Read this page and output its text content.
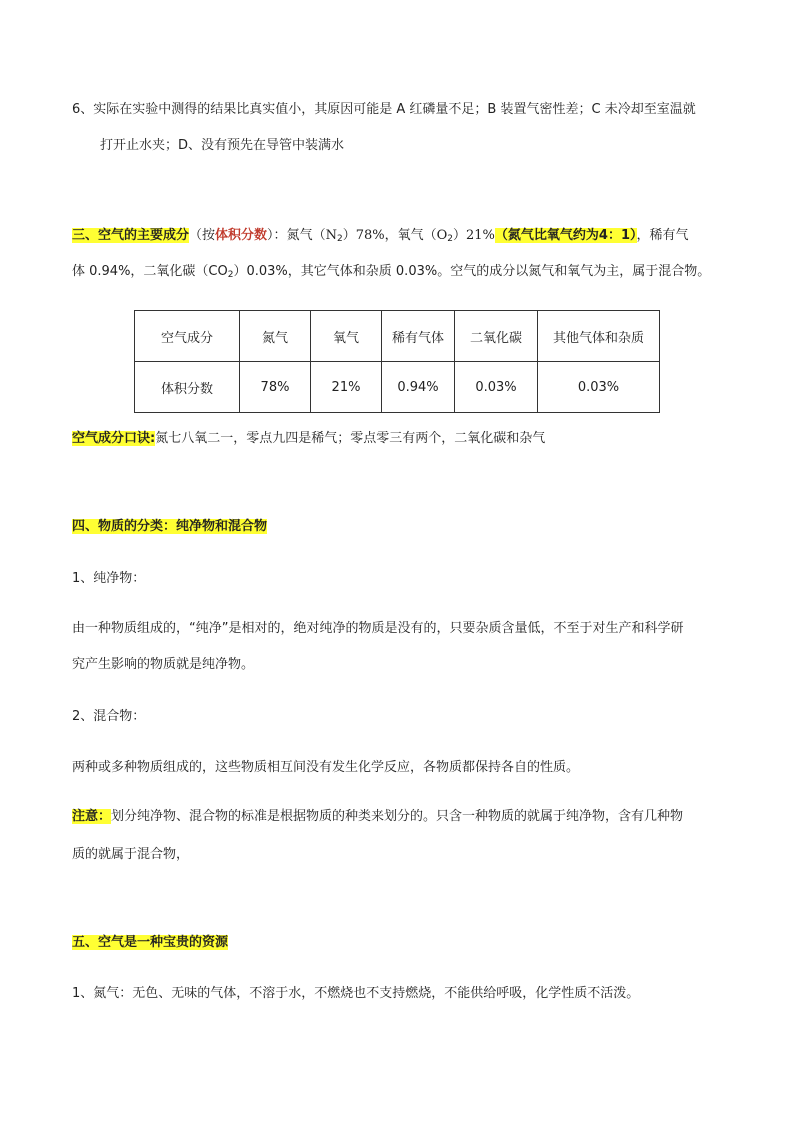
6、实际在实验中测得的结果比真实值小，其原因可能是 A 红磷量不足；B 装置气密性差；C 未冷却至室温就
打开止水夹；D、没有预先在导管中装满水
三、空气的主要成分（按体积分数）：氮气$(N_2)78\%$，氧气$(O_2)21\%$（氮气比氧气约为4：1），稀有气
体 0.94%，二氧化碳$(CO_2)0.03\%$，其它气体和杂质 0.03%。空气的成分以氮气和氧气为主，属于混合物。
空气成分	氮气	氧气	稀有气体	二氧化碳	其他气体和杂质
体积分数	78%	21%	0.94%	0.03%	0.03%
空气成分口诀:氮七八氧二一，零点九四是稀气；零点零三有两个，二氧化碳和杂气
四、物质的分类：纯净物和混合物
1、纯净物：
由一种物质组成的，“纯净”是相对的，绝对纯净的物质是没有的，只要杂质含量低，不至于对生产和科学研
究产生影响的物质就是纯净物。
2、混合物：
两种或多种物质组成的，这些物质相互间没有发生化学反应，各物质都保持各自的性质。
注意：划分纯净物、混合物的标准是根据物质的种类来划分的。只含一种物质的就属于纯净物，含有几种物
质的就属于混合物，
五、空气是一种宝贵的资源
1、氮气：无色、无味的气体，不溶于水，不燃烧也不支持燃烧，不能供给呼吸，化学性质不活泼。
